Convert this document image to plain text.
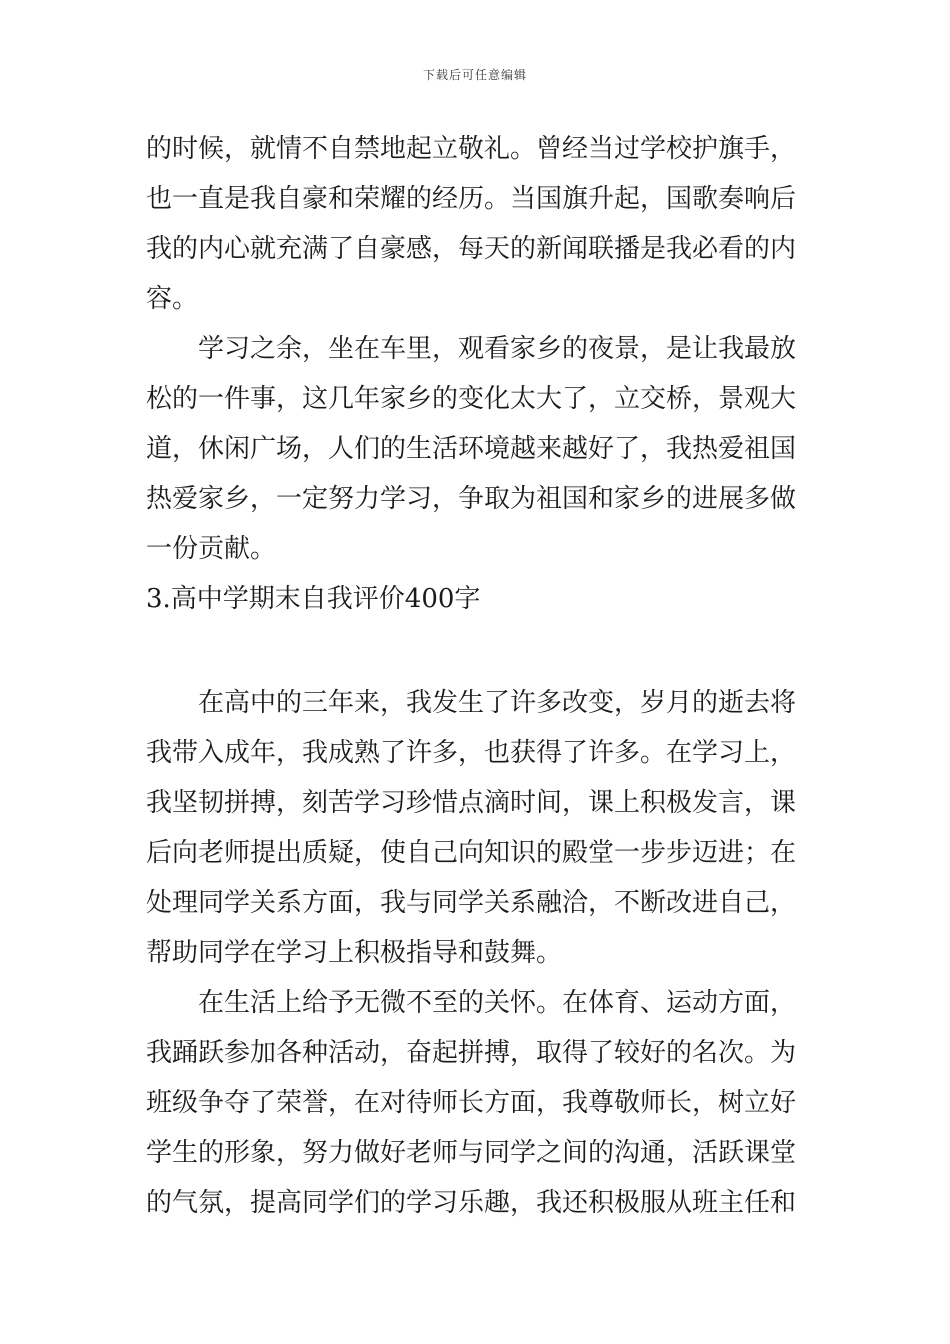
下载后可任意编辑
的时候，就情不自禁地起立敬礼。曾经当过学校护旗手，
也一直是我自豪和荣耀的经历。当国旗升起，国歌奏响后
我的内心就充满了自豪感，每天的新闻联播是我必看的内
容。
学习之余，坐在车里，观看家乡的夜景，是让我最放
松的一件事，这几年家乡的变化太大了，立交桥，景观大
道，休闲广场，人们的生活环境越来越好了，我热爱祖国
热爱家乡，一定努力学习，争取为祖国和家乡的进展多做
一份贡献。
3.高中学期末自我评价400字
在高中的三年来，我发生了许多改变，岁月的逝去将
我带入成年，我成熟了许多，也获得了许多。在学习上，
我坚韧拼搏，刻苦学习珍惜点滴时间，课上积极发言，课
后向老师提出质疑，使自己向知识的殿堂一步步迈进；在
处理同学关系方面，我与同学关系融洽，不断改进自己，
帮助同学在学习上积极指导和鼓舞。
在生活上给予无微不至的关怀。在体育、运动方面，
我踊跃参加各种活动，奋起拼搏，取得了较好的名次。为
班级争夺了荣誉，在对待师长方面，我尊敬师长，树立好
学生的形象，努力做好老师与同学之间的沟通，活跃课堂
的气氛，提高同学们的学习乐趣，我还积极服从班主任和
